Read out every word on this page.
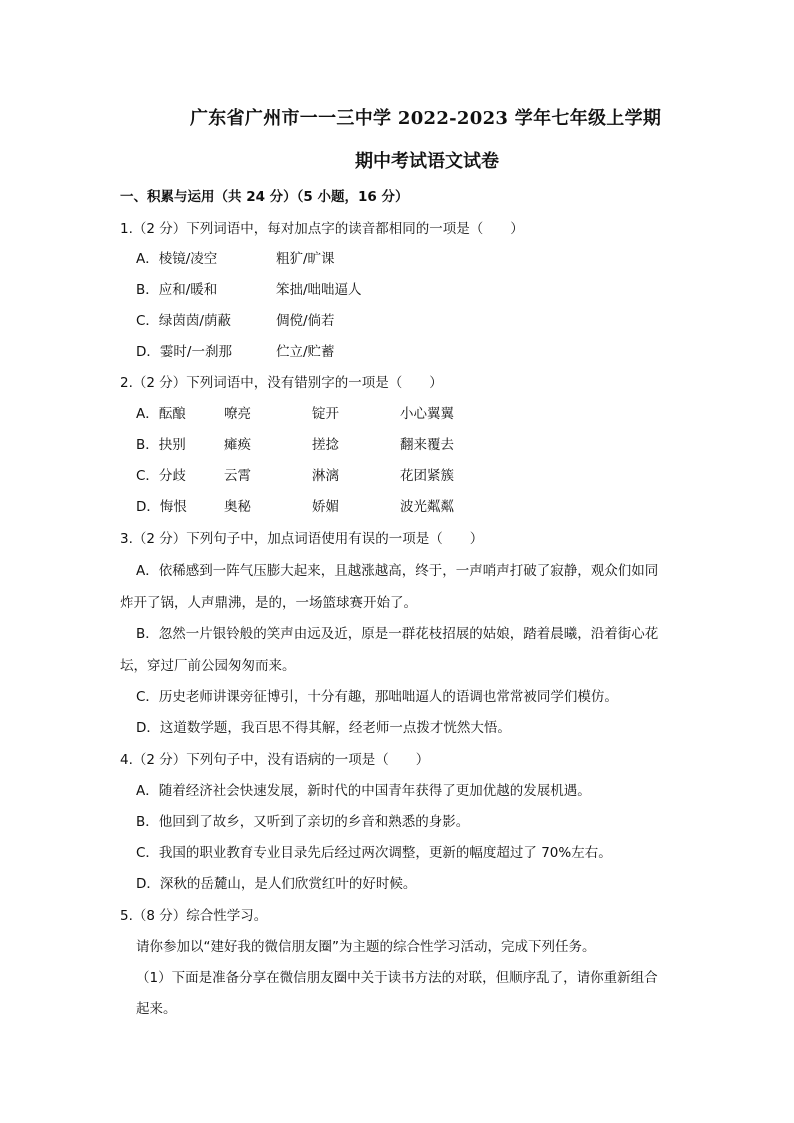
广东省广州市一一三中学 2022-2023 学年七年级上学期
期中考试语文试卷
一、积累与运用（共 24 分）（5 小题，16 分）
1.（2 分）下列词语中，每对加点字的读音都相同的一项是（　　）
A．棱镜/凌空	粗犷/旷课
B．应和/暖和	笨拙/咄咄逼人
C．绿茵茵/荫蔽	倜傥/倘若
D．霎时/一刹那	伫立/贮蓄
2.（2 分）下列词语中，没有错别字的一项是（　　）
A．酝酿	嘹亮	锭开	小心翼翼
B．抉别	瘫痪	搓捻	翻来覆去
C．分歧	云霄	淋漓	花团紧簇
D．悔恨	奥秘	娇媚	波光粼粼
3.（2 分）下列句子中，加点词语使用有误的一项是（　　）
A．依稀感到一阵气压膨大起来，且越涨越高，终于，一声哨声打破了寂静，观众们如同
炸开了锅，人声鼎沸，是的，一场篮球赛开始了。
B．忽然一片银铃般的笑声由远及近，原是一群花枝招展的姑娘，踏着晨曦，沿着街心花
坛，穿过厂前公园匆匆而来。
C．历史老师讲课旁征博引，十分有趣，那咄咄逼人的语调也常常被同学们模仿。
D．这道数学题，我百思不得其解，经老师一点拨才恍然大悟。
4.（2 分）下列句子中，没有语病的一项是（　　）
A．随着经济社会快速发展，新时代的中国青年获得了更加优越的发展机遇。
B．他回到了故乡，又听到了亲切的乡音和熟悉的身影。
C．我国的职业教育专业目录先后经过两次调整，更新的幅度超过了 70%左右。
D．深秋的岳麓山，是人们欣赏红叶的好时候。
5.（8 分）综合性学习。
请你参加以“建好我的微信朋友圈”为主题的综合性学习活动，完成下列任务。
（1）下面是准备分享在微信朋友圈中关于读书方法的对联，但顺序乱了，请你重新组合
起来。
